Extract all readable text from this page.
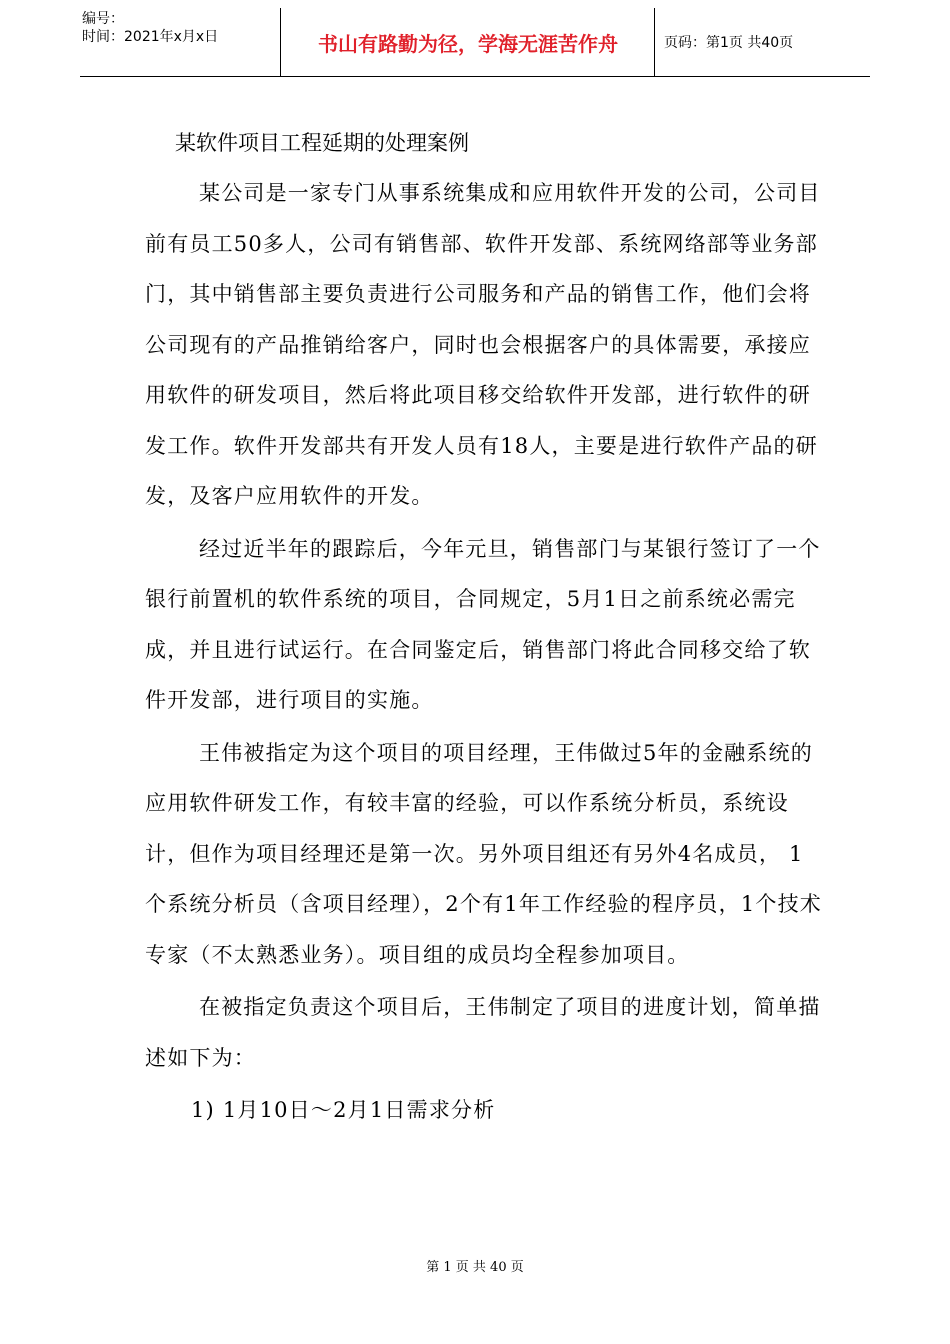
编号：
时间：2021年x月x日	书山有路勤为径，学海无涯苦作舟	页码：第1页 共40页
某软件项目工程延期的处理案例

某公司是一家专门从事系统集成和应用软件开发的公司，公司目前有员工50多人，公司有销售部、软件开发部、系统网络部等业务部门，其中销售部主要负责进行公司服务和产品的销售工作，他们会将公司现有的产品推销给客户，同时也会根据客户的具体需要，承接应用软件的研发项目，然后将此项目移交给软件开发部，进行软件的研发工作。软件开发部共有开发人员有18人，主要是进行软件产品的研发，及客户应用软件的开发。

经过近半年的跟踪后，今年元旦，销售部门与某银行签订了一个银行前置机的软件系统的项目，合同规定，5月1日之前系统必需完成，并且进行试运行。在合同鉴定后，销售部门将此合同移交给了软件开发部，进行项目的实施。

王伟被指定为这个项目的项目经理，王伟做过5年的金融系统的应用软件研发工作，有较丰富的经验，可以作系统分析员，系统设计，但作为项目经理还是第一次。另外项目组还有另外4名成员， 1个系统分析员（含项目经理），2个有1年工作经验的程序员，1个技术专家（不太熟悉业务）。项目组的成员均全程参加项目。

在被指定负责这个项目后，王伟制定了项目的进度计划，简单描述如下为：

1) 1月10日～2月1日需求分析

第 1 页 共 40 页
